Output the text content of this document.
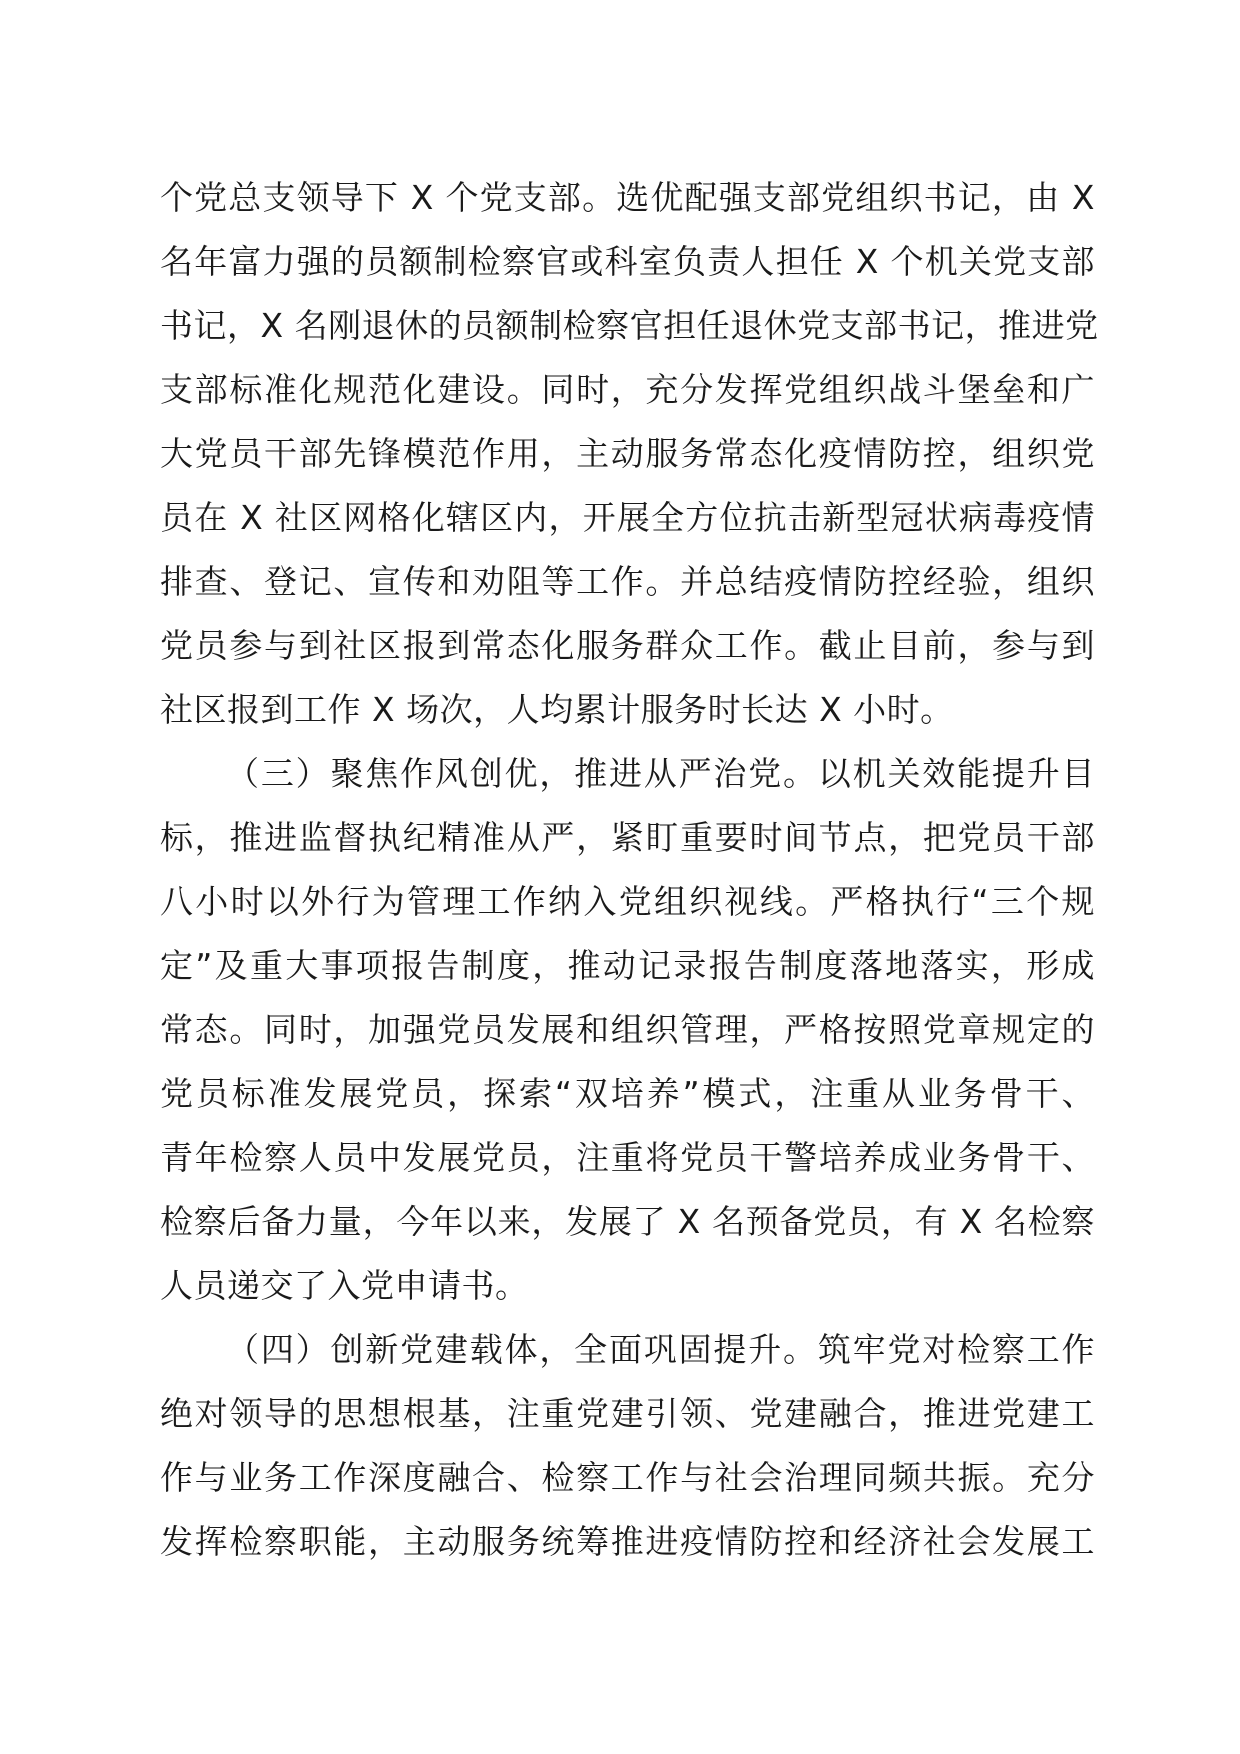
个党总支领导下 X 个党支部。选优配强支部党组织书记，由 X
名年富力强的员额制检察官或科室负责人担任 X 个机关党支部
书记，X 名刚退休的员额制检察官担任退休党支部书记，推进党
支部标准化规范化建设。同时，充分发挥党组织战斗堡垒和广
大党员干部先锋模范作用，主动服务常态化疫情防控，组织党
员在 X 社区网格化辖区内，开展全方位抗击新型冠状病毒疫情
排查、登记、宣传和劝阻等工作。并总结疫情防控经验，组织
党员参与到社区报到常态化服务群众工作。截止目前，参与到
社区报到工作 X 场次，人均累计服务时长达 X 小时。
（三）聚焦作风创优，推进从严治党。以机关效能提升目
标，推进监督执纪精准从严，紧盯重要时间节点，把党员干部
八小时以外行为管理工作纳入党组织视线。严格执行“三个规
定”及重大事项报告制度，推动记录报告制度落地落实，形成
常态。同时，加强党员发展和组织管理，严格按照党章规定的
党员标准发展党员，探索“双培养”模式，注重从业务骨干、
青年检察人员中发展党员，注重将党员干警培养成业务骨干、
检察后备力量，今年以来，发展了 X 名预备党员，有 X 名检察
人员递交了入党申请书。
（四）创新党建载体，全面巩固提升。筑牢党对检察工作
绝对领导的思想根基，注重党建引领、党建融合，推进党建工
作与业务工作深度融合、检察工作与社会治理同频共振。充分
发挥检察职能，主动服务统筹推进疫情防控和经济社会发展工
